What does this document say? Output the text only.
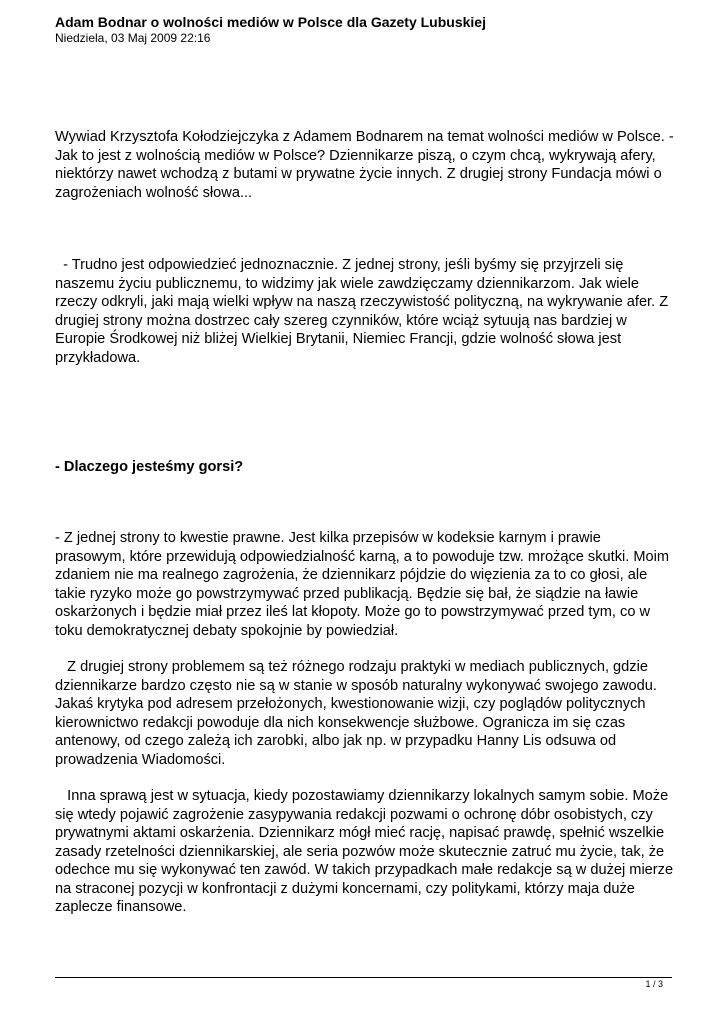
Adam Bodnar o wolności mediów w Polsce dla Gazety Lubuskiej

Niedziela, 03 Maj 2009 22:16

Wywiad Krzysztofa Kołodziejczyka z Adamem Bodnarem na temat wolności mediów w Polsce. - Jak to jest z wolnością mediów w Polsce? Dziennikarze piszą, o czym chcą, wykrywają afery, niektórzy nawet wchodzą z butami w prywatne życie innych. Z drugiej strony Fundacja mówi o zagrożeniach wolność słowa...

- Trudno jest odpowiedzieć jednoznacznie. Z jednej strony, jeśli byśmy się przyjrzeli się naszemu życiu publicznemu, to widzimy jak wiele zawdzięczamy dziennikarzom. Jak wiele rzeczy odkryli, jaki mają wielki wpływ na naszą rzeczywistość polityczną, na wykrywanie afer. Z drugiej strony można dostrzec cały szereg czynników, które wciąż sytuują nas bardziej w Europie Środkowej niż bliżej Wielkiej Brytanii, Niemiec Francji, gdzie wolność słowa jest przykładowa.

- Dlaczego jesteśmy gorsi?

- Z jednej strony to kwestie prawne. Jest kilka przepisów w kodeksie karnym i prawie prasowym, które przewidują odpowiedzialność karną, a to powoduje tzw. mrożące skutki. Moim zdaniem nie ma realnego zagrożenia, że dziennikarz pójdzie do więzienia za to co głosi, ale takie ryzyko może go powstrzymywać przed publikacją. Będzie się bał, że siądzie na ławie oskarżonych i będzie miał przez ileś lat kłopoty. Może go to powstrzymywać przed tym, co w toku demokratycznej debaty spokojnie by powiedział.

Z drugiej strony problemem są też różnego rodzaju praktyki w mediach publicznych, gdzie dziennikarze bardzo często nie są w stanie w sposób naturalny wykonywać swojego zawodu. Jakaś krytyka pod adresem przełożonych, kwestionowanie wizji, czy poglądów politycznych kierownictwo redakcji powoduje dla nich konsekwencje służbowe. Ogranicza im się czas antenowy, od czego zależą ich zarobki, albo jak np. w przypadku Hanny Lis odsuwa od prowadzenia Wiadomości.

Inna sprawą jest w sytuacja, kiedy pozostawiamy dziennikarzy lokalnych samym sobie. Może się wtedy pojawić zagrożenie zasypywania redakcji pozwami o ochronę dóbr osobistych, czy prywatnymi aktami oskarżenia. Dziennikarz mógł mieć rację, napisać prawdę, spełnić wszelkie zasady rzetelności dziennikarskiej, ale seria pozwów może skutecznie zatruć mu życie, tak, że odechce mu się wykonywać ten zawód. W takich przypadkach małe redakcje są w dużej mierze na straconej pozycji w konfrontacji z dużymi koncernami, czy politykami, którzy maja duże zaplecze finansowe.

1 / 3
